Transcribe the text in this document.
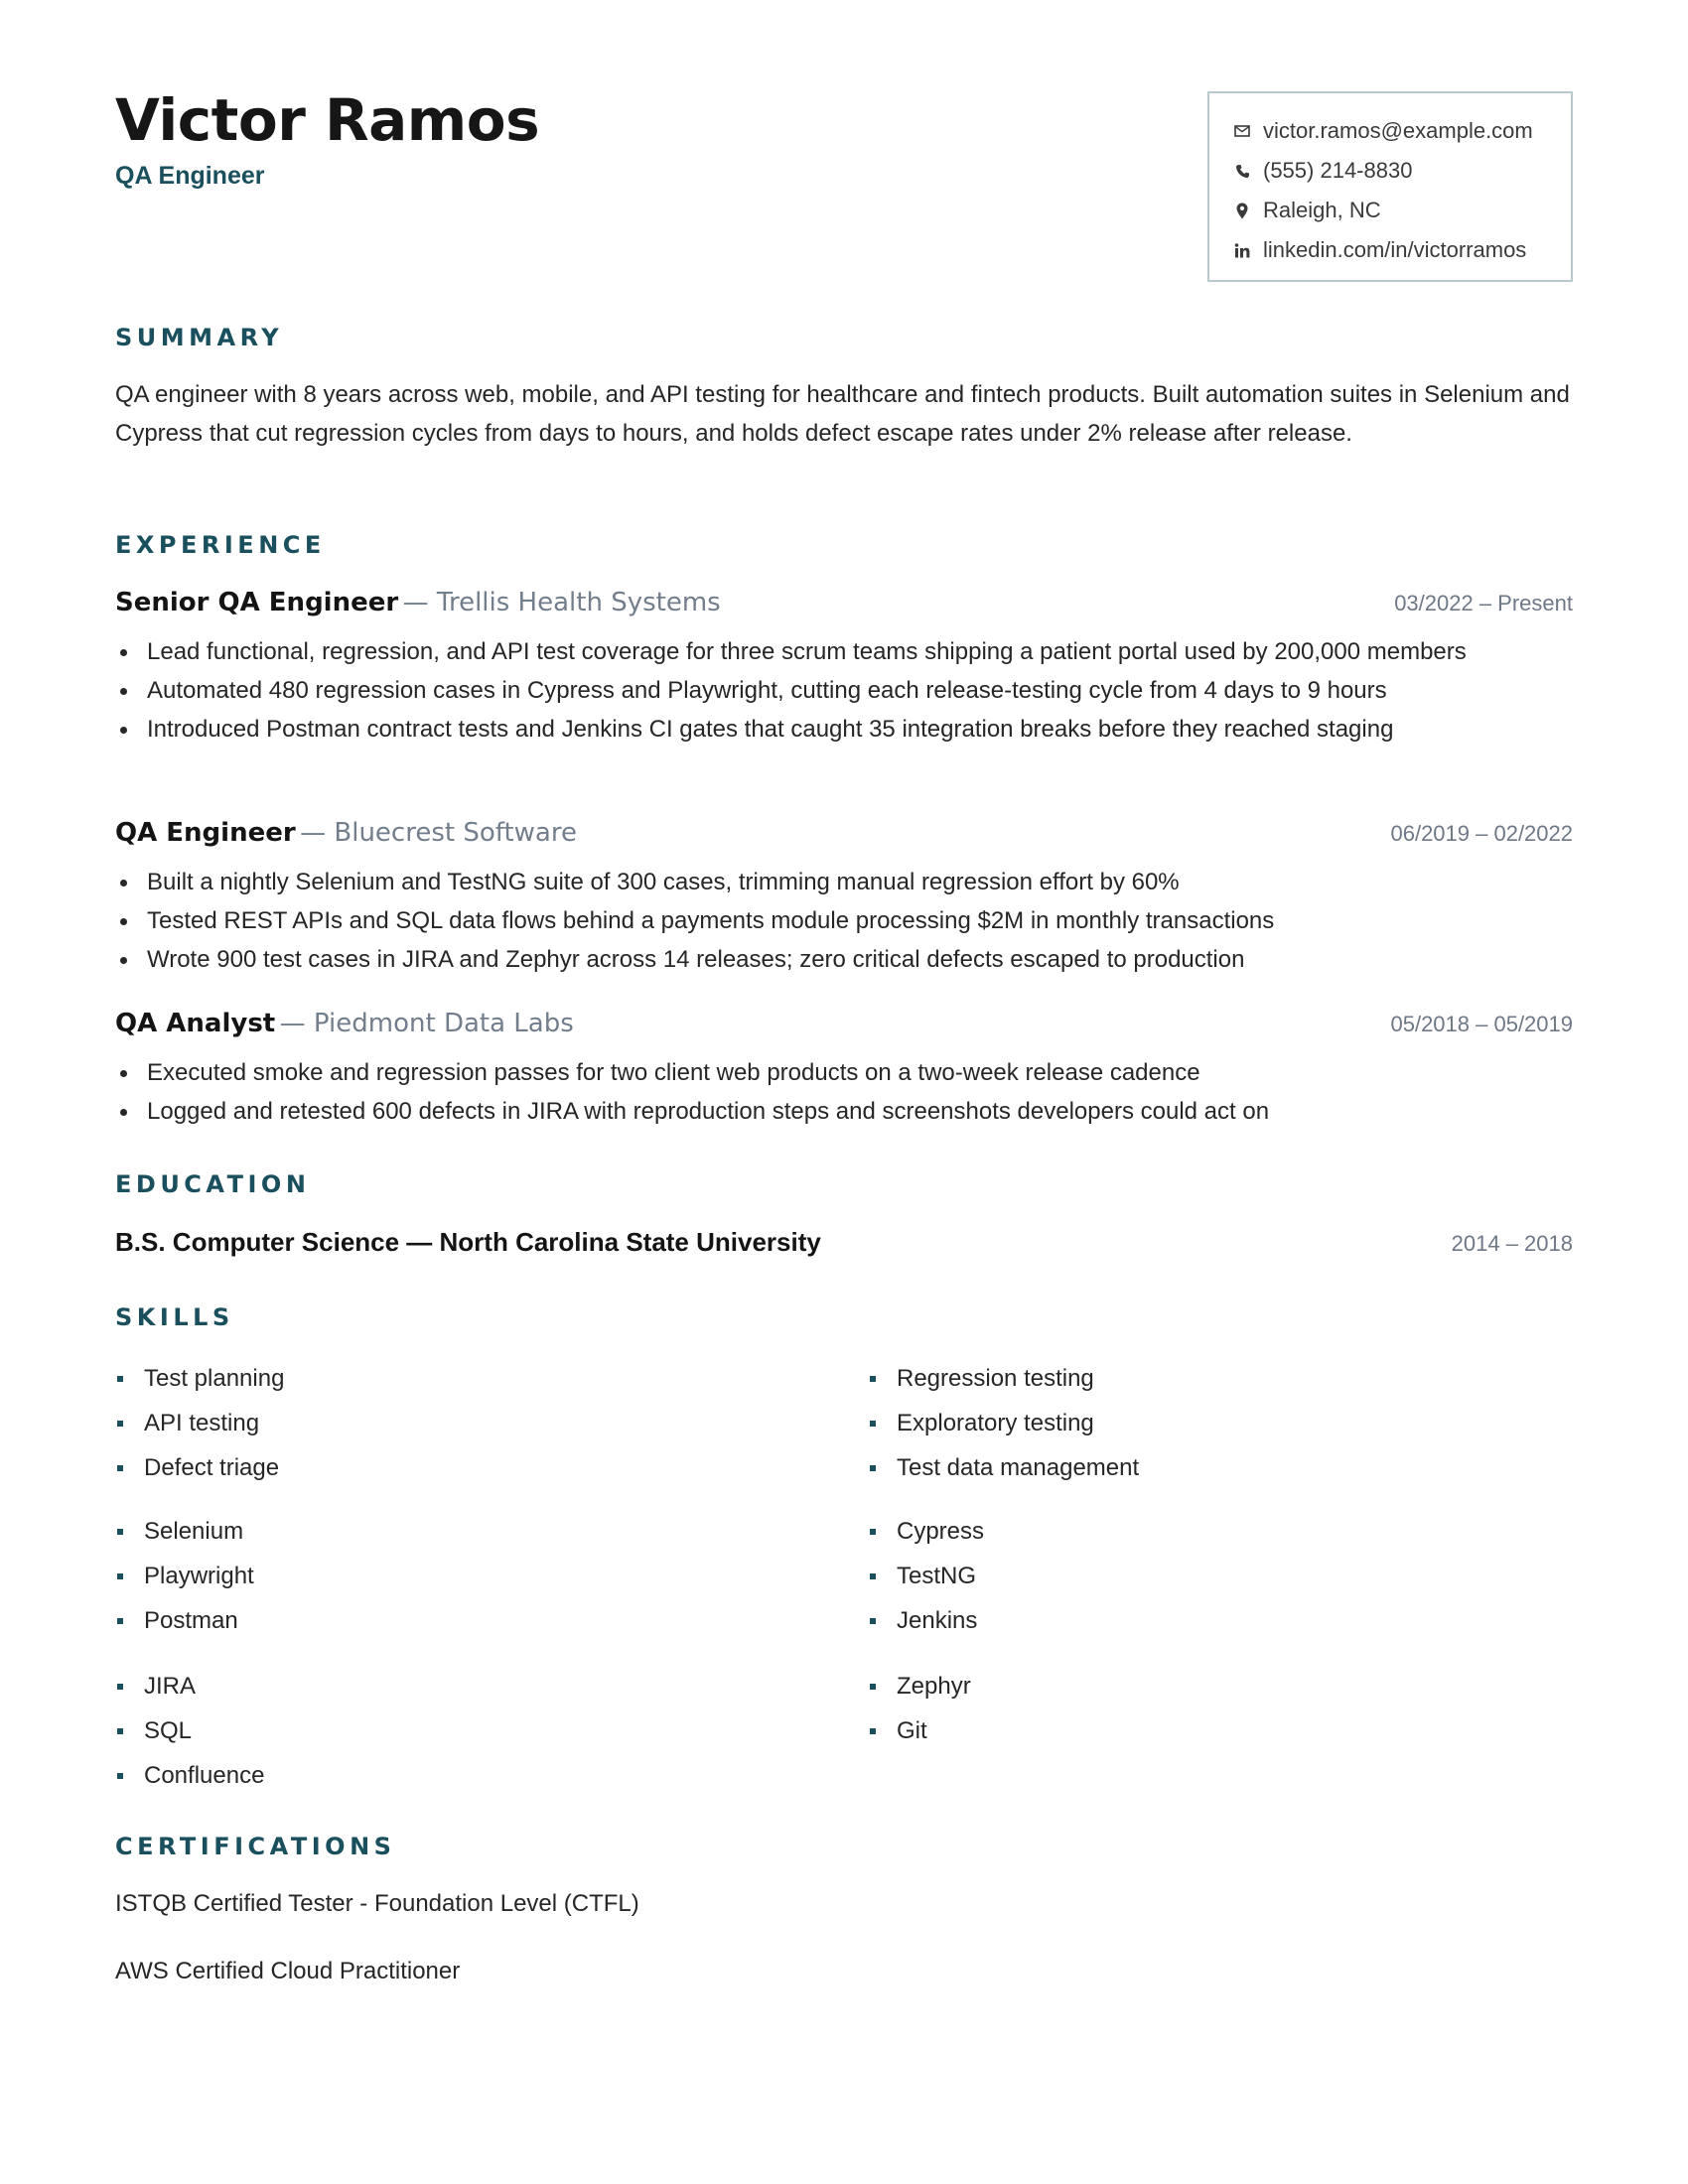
Victor Ramos
QA Engineer
victor.ramos@example.com
(555) 214-8830
Raleigh, NC
linkedin.com/in/victorramos
SUMMARY

QA engineer with 8 years across web, mobile, and API testing for healthcare and fintech products. Built automation suites in Selenium and Cypress that cut regression cycles from days to hours, and holds defect escape rates under 2% release after release.

EXPERIENCE
Senior QA Engineer — Trellis Health Systems	03/2022 – Present
Lead functional, regression, and API test coverage for three scrum teams shipping a patient portal used by 200,000 members
Automated 480 regression cases in Cypress and Playwright, cutting each release-testing cycle from 4 days to 9 hours
Introduced Postman contract tests and Jenkins CI gates that caught 35 integration breaks before they reached staging
QA Engineer — Bluecrest Software	06/2019 – 02/2022
Built a nightly Selenium and TestNG suite of 300 cases, trimming manual regression effort by 60%
Tested REST APIs and SQL data flows behind a payments module processing $2M in monthly transactions
Wrote 900 test cases in JIRA and Zephyr across 14 releases; zero critical defects escaped to production
QA Analyst — Piedmont Data Labs	05/2018 – 05/2019
Executed smoke and regression passes for two client web products on a two-week release cadence
Logged and retested 600 defects in JIRA with reproduction steps and screenshots developers could act on
EDUCATION
B.S. Computer Science — North Carolina State University	2014 – 2018
SKILLS
Test planning
API testing
Defect triage
Regression testing
Exploratory testing
Test data management
Selenium
Playwright
Postman
Cypress
TestNG
Jenkins
JIRA
SQL
Confluence
Zephyr
Git
CERTIFICATIONS

ISTQB Certified Tester - Foundation Level (CTFL)

AWS Certified Cloud Practitioner
